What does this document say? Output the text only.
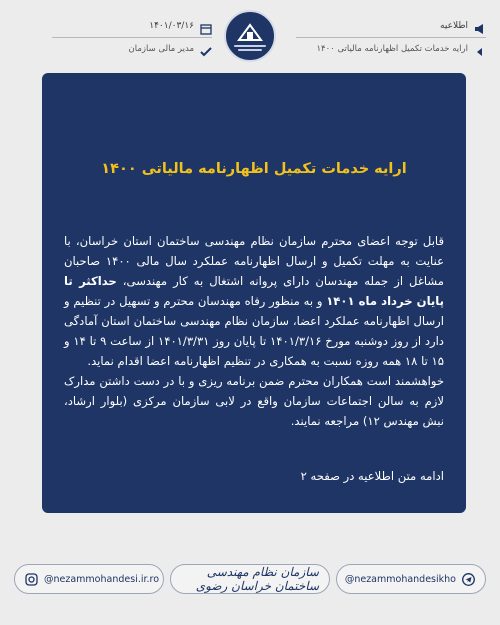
اطلاعیه
ارایه خدمات تکمیل اظهارنامه مالیاتی ۱۴۰۰
۱۴۰۱/۰۳/۱۶
مدیر مالی سازمان
ارایه خدمات تکمیل اظهارنامه مالیاتی ۱۴۰۰

قابل توجه اعضای محترم سازمان نظام مهندسی ساختمان استان خراسان، با عنایت به مهلت تکمیل و ارسال اظهارنامه عملکرد سال مالی ۱۴۰۰ صاحبان مشاغل از جمله مهندسان دارای پروانه اشتغال به کار مهندسی، حداکثر تا پایان خرداد ماه ۱۴۰۱ و به منظور رفاه مهندسان محترم و تسهیل در تنظیم و ارسال اظهارنامه عملکرد اعضا، سازمان نظام مهندسی ساختمان استان آمادگی دارد از روز دوشنبه مورخ ۱۴۰۱/۳/۱۶ تا پایان روز ۱۴۰۱/۳/۳۱ از ساعت ۹ تا ۱۴ و ۱۵ تا ۱۸ همه روزه نسبت به همکاری در تنظیم اظهارنامه اعضا اقدام نماید.

خواهشمند است همکاران محترم ضمن برنامه ریزی و با در دست داشتن مدارک لازم به سالن اجتماعات سازمان واقع در لابی سازمان مرکزی (بلوار ارشاد، نبش مهندس ۱۲) مراجعه نمایند.

ادامه متن اطلاعیه در صفحه ۲
@nezammohandesi.ir.ro	سازمان نظام مهندسی ساختمان خراسان رضوی	@nezammohandesikho
